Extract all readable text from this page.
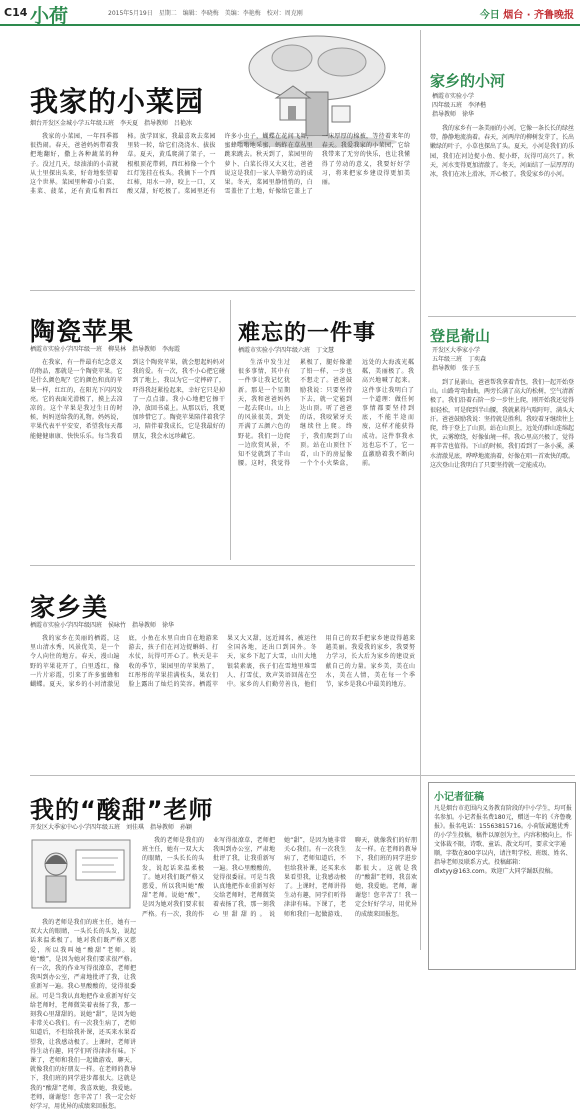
C14 小荷	2015年5月19日　星期二　编辑：李晓梅　美编：李艳梅　校对：周克刚	今日 烟台 · 齐鲁晚报
我家的小菜园
烟台开发区金城小学五年级五班　李天夏　指导教师　吕艳冰
我家的小菜园，一年四季都很热闹。春天，爸爸妈妈带着我把地翻好，撒上各种蔬菜的种子。没过几天，绿油油的小苗就从土里探出头来，好奇地张望着这个世界。菜园里种着小白菜、韭菜、菠菜，还有黄瓜和西红柿。放学回家，我最喜欢去菜园里转一转，给它们浇浇水、拔拔草。夏天，黄瓜爬满了架子，一根根顶花带刺，西红柿像一个个红灯笼挂在枝头。我摘下一个西红柿，用水一冲，咬上一口，又酸又甜，好吃极了。菜园里还有许多小虫子，蝴蝶在花间飞舞，蜜蜂嗡嗡地采蜜，蚂蚱在草丛里跳来跳去。秋天到了，菜园里的萝卜、白菜长得又大又壮，爸爸说这是我们一家人辛勤劳动的成果。冬天，菜园里静悄悄的，白雪盖住了土地，好像给它盖上了一床厚厚的棉被，等待着来年的春天。我爱我家的小菜园，它给我带来了无穷的快乐，也让我懂得了劳动的意义，我要好好学习，将来把家乡建设得更加美丽。
家乡的小河
栖霞市实验小学
四年级五班　李泽楷
指导教师　徐华
我的家乡有一条美丽的小河，它像一条长长的绿丝带，静静地流淌着。春天，河两岸的柳树发芽了，长出嫩绿的叶子，小草也探出了头。夏天，小河是我们的乐园，我们在河边捉小鱼、捉小虾，玩得可高兴了。秋天，河水变得更加清澈了。冬天，河面结了一层厚厚的冰，我们在冰上滑冰，开心极了。我爱家乡的小河。
陶瓷苹果
栖霞市实验小学四年级一班　柳昊林　指导教师　李海霞
在我家，有一件最有纪念意义的物品，那就是一个陶瓷苹果。它是什么颜色呢？它的颜色和真的苹果一样，红红的，在阳光下闪闪发亮。它的表面光滑极了，摸上去凉凉的。这个苹果是我过生日的时候，妈妈送给我的礼物。妈妈说，苹果代表平平安安，希望我每天都能健健康康、快快乐乐。每当我看到这个陶瓷苹果，就会想起妈妈对我的爱。有一次，我不小心把它碰到了地上，我以为它一定摔碎了，吓得我赶紧捡起来，幸好它只是掉了一点点漆。我小心地把它擦干净，放回书桌上。从那以后，我更加珍惜它了。陶瓷苹果陪伴着我学习，陪伴着我成长，它是我最好的朋友，我会永远珍藏它。
难忘的一件事
栖霞市实验小学四年级六班　丁文慧
生活中发生过很多事情，其中有一件事让我记忆犹新。那是一个星期天，我和爸爸妈妈一起去爬山。山上的风景很美，到处开满了五颜六色的野花。我们一边爬一边欣赏风景，不知不觉就到了半山腰。这时，我觉得累极了，腿好像灌了铅一样，一步也不想走了。爸爸鼓励我说：只要坚持下去，就一定能到达山顶。听了爸爸的话，我咬紧牙关继续往上爬。终于，我们爬到了山顶。站在山顶往下看，山下的房屋像一个个小火柴盒，远处的大海波光粼粼，美丽极了。我高兴地喊了起来。这件事让我明白了一个道理：做任何事情都要坚持到底，不能半途而废，这样才能获得成功。这件事我永远也忘不了，它一直激励着我不断向前。
登昆嵛山
开发区大季家小学
五年级三班　丁奕森
指导教师　张子玉
到了昆嵛山，爸爸帮我拿着背包，我们一起开始登山。山路弯弯曲曲，两旁长满了高大的松树，空气清新极了。我们沿着石阶一步一步往上爬，刚开始我还觉得很轻松，可是爬到半山腰，我就累得气喘吁吁，满头大汗。爸爸鼓励我说：坚持就是胜利。我咬着牙继续往上爬，终于登上了山顶。站在山顶上，远处的群山连绵起伏，云雾缭绕，好像仙境一样。我心里高兴极了，觉得再辛苦也值得。下山的时候，我们看到了一条小溪，溪水清澈见底，哗哗地流淌着，好像在唱一首欢快的歌。这次登山让我明白了只要坚持就一定能成功。
家乡美
栖霞市实验小学四年级四班　侯咏竹　指导教师　徐华
我的家乡在美丽的栖霞，这里山清水秀，风景优美，是一个令人向往的地方。春天，漫山遍野的苹果花开了，白里透红，像一片片彩霞，引来了许多蜜蜂和蝴蝶。夏天，家乡的小河清澈见底，小鱼在水里自由自在地游来游去，孩子们在河边捉蝌蚪、打水仗，玩得可开心了。秋天是丰收的季节，果园里的苹果熟了，红彤彤的苹果挂满枝头，果农们脸上露出了灿烂的笑容。栖霞苹果又大又甜，远近闻名，被运往全国各地，还出口到国外。冬天，家乡下起了大雪，山川大地银装素裹，孩子们在雪地里堆雪人、打雪仗，欢声笑语回荡在空中。家乡的人们勤劳善良，他们用自己的双手把家乡建设得越来越美丽。我爱我的家乡，我要努力学习，长大后为家乡的建设贡献自己的力量。家乡美，美在山水，美在人情，美在每一个季节，家乡是我心中最美的地方。
我的“酸甜”老师
开发区大季家中心小学四年级五班　刘佳琪　指导教师　孙颖
我的老师是我们的班主任，她有一双大大的眼睛，一头长长的头发，说起话来温柔极了。她对我们既严格又慈爱，所以我叫她“酸甜”老师。说她“酸”，是因为她对我们要求很严格。有一次，我的作业写得很潦草，老师把我叫到办公室，严肃地批评了我，让我重新写一遍。我心里酸酸的，觉得很委屈。可是当我认真地把作业重新写好交给老师时，老师微笑着表扬了我，那一刻我心里甜甜的。说她“甜”，是因为她非常关心我们。有一次我生病了，老师知道后，不但给我补课，还买来水果看望我，让我感动极了。上课时，老师讲得生动有趣，同学们听得津津有味。下课了，老师和我们一起做游戏、聊天，就像我们的好朋友一样。在老师的教导下，我们班的同学进步都很大。这就是我的“酸甜”老师，我喜欢她，我爱她。老师，谢谢您！您辛苦了！我一定会好好学习，用优异的成绩来回报您。
我的老师是我们的班主任，她有一双大大的眼睛，一头长长的头发，说起话来温柔极了。她对我们既严格又慈爱，所以我叫她“酸甜”老师。说她“酸”，是因为她对我们要求很严格。有一次，我的作业写得很潦草，老师把我叫到办公室，严肃地批评了我，让我重新写一遍。我心里酸酸的，觉得很委屈。可是当我认真地把作业重新写好交给老师时，老师微笑着表扬了我，那一刻我心里甜甜的。说她“甜”，是因为她非常关心我们。有一次我生病了，老师知道后，不但给我补课，还买来水果看望我，让我感动极了。上课时，老师讲得生动有趣，同学们听得津津有味。下课了，老师和我们一起做游戏、聊天，就像我们的好朋友一样。在老师的教导下，我们班的同学进步都很大。这就是我的“酸甜”老师，我喜欢她，我爱她。老师，谢谢您！您辛苦了！我一定会好好学习，用优异的成绩来回报您。
小记者征稿
凡是烟台市范围内义务教育阶段的中小学生，均可报名参加。小记者报名费180元，赠送一年的《齐鲁晚报》。报名电话：15563815716。小荷版诚邀优秀的小学生投稿，稿件以原创为主，内容积极向上，作文体裁不限，诗歌、童话、散文均可，要求文字通顺，字数在800字以内，请注明学校、班级、姓名、指导老师及联系方式。投稿邮箱：dlxtyy@163.com。欢迎广大同学踊跃投稿。
